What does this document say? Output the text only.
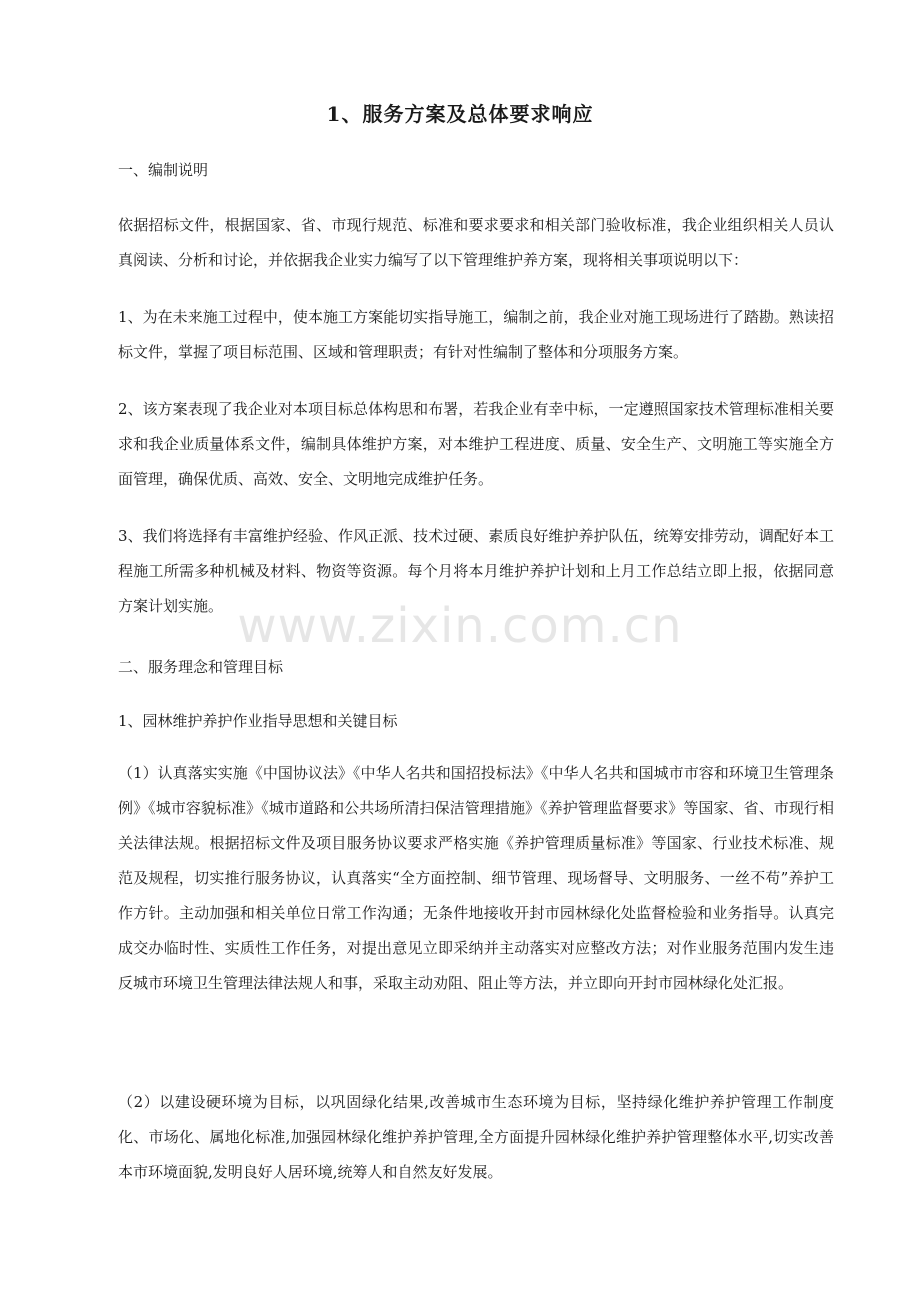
1、服务方案及总体要求响应
一、编制说明
依据招标文件，根据国家、省、市现行规范、标准和要求要求和相关部门验收标准，我企业组织相关人员认真阅读、分析和讨论，并依据我企业实力编写了以下管理维护养方案，现将相关事项说明以下：
1、为在未来施工过程中，使本施工方案能切实指导施工，编制之前，我企业对施工现场进行了踏勘。熟读招标文件，掌握了项目标范围、区域和管理职责；有针对性编制了整体和分项服务方案。
2、该方案表现了我企业对本项目标总体构思和布署，若我企业有幸中标，一定遵照国家技术管理标准相关要求和我企业质量体系文件，编制具体维护方案，对本维护工程进度、质量、安全生产、文明施工等实施全方面管理，确保优质、高效、安全、文明地完成维护任务。
3、我们将选择有丰富维护经验、作风正派、技术过硬、素质良好维护养护队伍，统筹安排劳动，调配好本工程施工所需多种机械及材料、物资等资源。每个月将本月维护养护计划和上月工作总结立即上报，依据同意方案计划实施。
二、服务理念和管理目标
1、园林维护养护作业指导思想和关键目标
（1）认真落实实施《中国协议法》《中华人名共和国招投标法》《中华人名共和国城市市容和环境卫生管理条例》《城市容貌标准》《城市道路和公共场所清扫保洁管理措施》《养护管理监督要求》等国家、省、市现行相关法律法规。根据招标文件及项目服务协议要求严格实施《养护管理质量标准》等国家、行业技术标准、规范及规程，切实推行服务协议，认真落实“全方面控制、细节管理、现场督导、文明服务、一丝不苟”养护工作方针。主动加强和相关单位日常工作沟通；无条件地接收开封市园林绿化处监督检验和业务指导。认真完成交办临时性、实质性工作任务，对提出意见立即采纳并主动落实对应整改方法；对作业服务范围内发生违反城市环境卫生管理法律法规人和事，采取主动劝阻、阻止等方法，并立即向开封市园林绿化处汇报。
（2）以建设硬环境为目标，以巩固绿化结果,改善城市生态环境为目标，坚持绿化维护养护管理工作制度化、市场化、属地化标准,加强园林绿化维护养护管理,全方面提升园林绿化维护养护管理整体水平,切实改善本市环境面貌,发明良好人居环境,统筹人和自然友好发展。
www.zixin.com.cn
